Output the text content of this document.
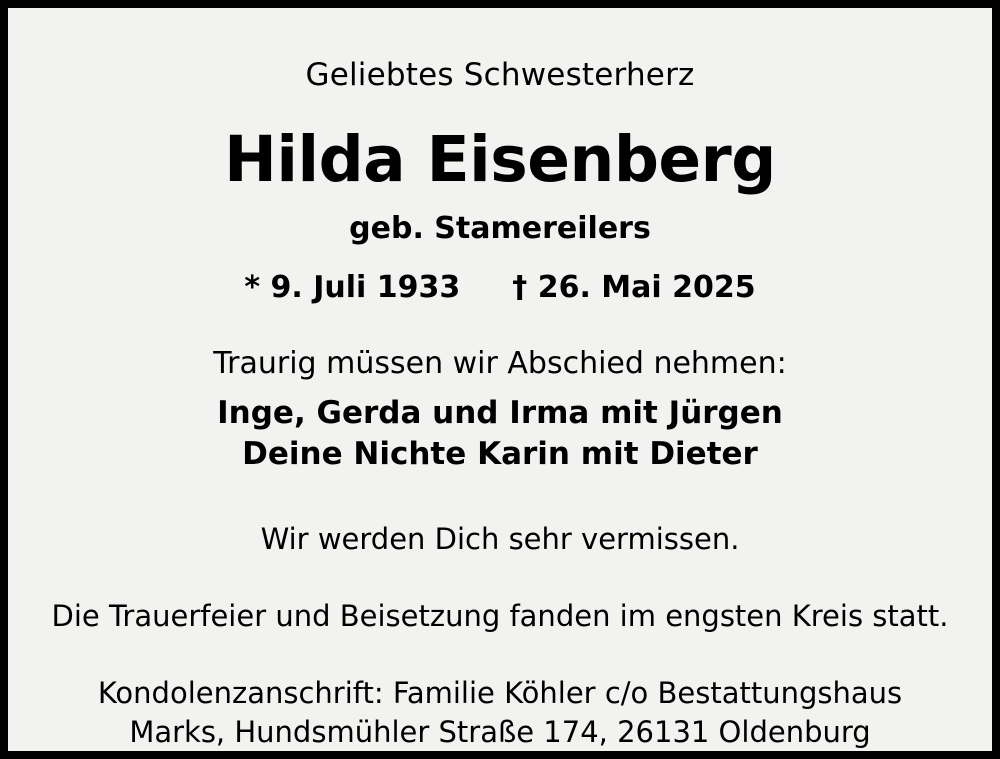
Geliebtes Schwesterherz
Hilda Eisenberg
geb. Stamereilers
* 9. Juli 1933 † 26. Mai 2025
Traurig müssen wir Abschied nehmen:
Inge, Gerda und Irma mit Jürgen
Deine Nichte Karin mit Dieter
Wir werden Dich sehr vermissen.
Die Trauerfeier und Beisetzung fanden im engsten Kreis statt.
Kondolenzanschrift: Familie Köhler c/o Bestattungshaus
Marks, Hundsmühler Straße 174, 26131 Oldenburg
